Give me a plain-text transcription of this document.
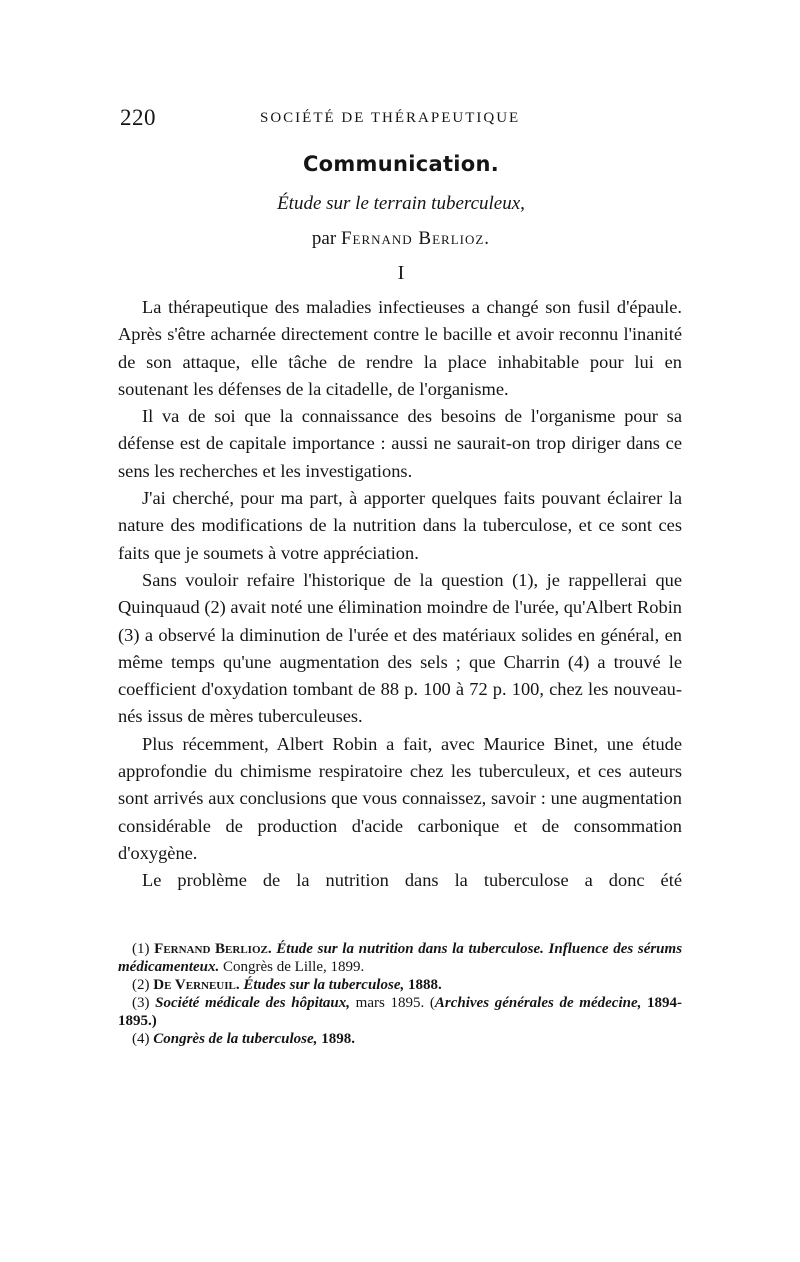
220	SOCIÉTÉ DE THÉRAPEUTIQUE
Communication.
Étude sur le terrain tuberculeux,
par Fernand Berlioz.
I

La thérapeutique des maladies infectieuses a changé son fusil d'épaule. Après s'être acharnée directement contre le bacille et avoir reconnu l'inanité de son attaque, elle tâche de rendre la place inhabitable pour lui en soutenant les défenses de la citadelle, de l'organisme.

Il va de soi que la connaissance des besoins de l'organisme pour sa défense est de capitale importance : aussi ne saurait-on trop diriger dans ce sens les recherches et les investigations.

J'ai cherché, pour ma part, à apporter quelques faits pouvant éclairer la nature des modifications de la nutrition dans la tuberculose, et ce sont ces faits que je soumets à votre appréciation.

Sans vouloir refaire l'historique de la question (1), je rappellerai que Quinquaud (2) avait noté une élimination moindre de l'urée, qu'Albert Robin (3) a observé la diminution de l'urée et des matériaux solides en général, en même temps qu'une augmentation des sels ; que Charrin (4) a trouvé le coefficient d'oxydation tombant de 88 p. 100 à 72 p. 100, chez les nouveau-nés issus de mères tuberculeuses.

Plus récemment, Albert Robin a fait, avec Maurice Binet, une étude approfondie du chimisme respiratoire chez les tuberculeux, et ces auteurs sont arrivés aux conclusions que vous connaissez, savoir : une augmentation considérable de production d'acide carbonique et de consommation d'oxygène.

Le problème de la nutrition dans la tuberculose a donc été

(1) Fernand Berlioz. Étude sur la nutrition dans la tuberculose. Influence des sérums médicamenteux. Congrès de Lille, 1899.

(2) De Verneuil. Études sur la tuberculose, 1888.

(3) Société médicale des hôpitaux, mars 1895. (Archives générales de médecine, 1894-1895.)

(4) Congrès de la tuberculose, 1898.
